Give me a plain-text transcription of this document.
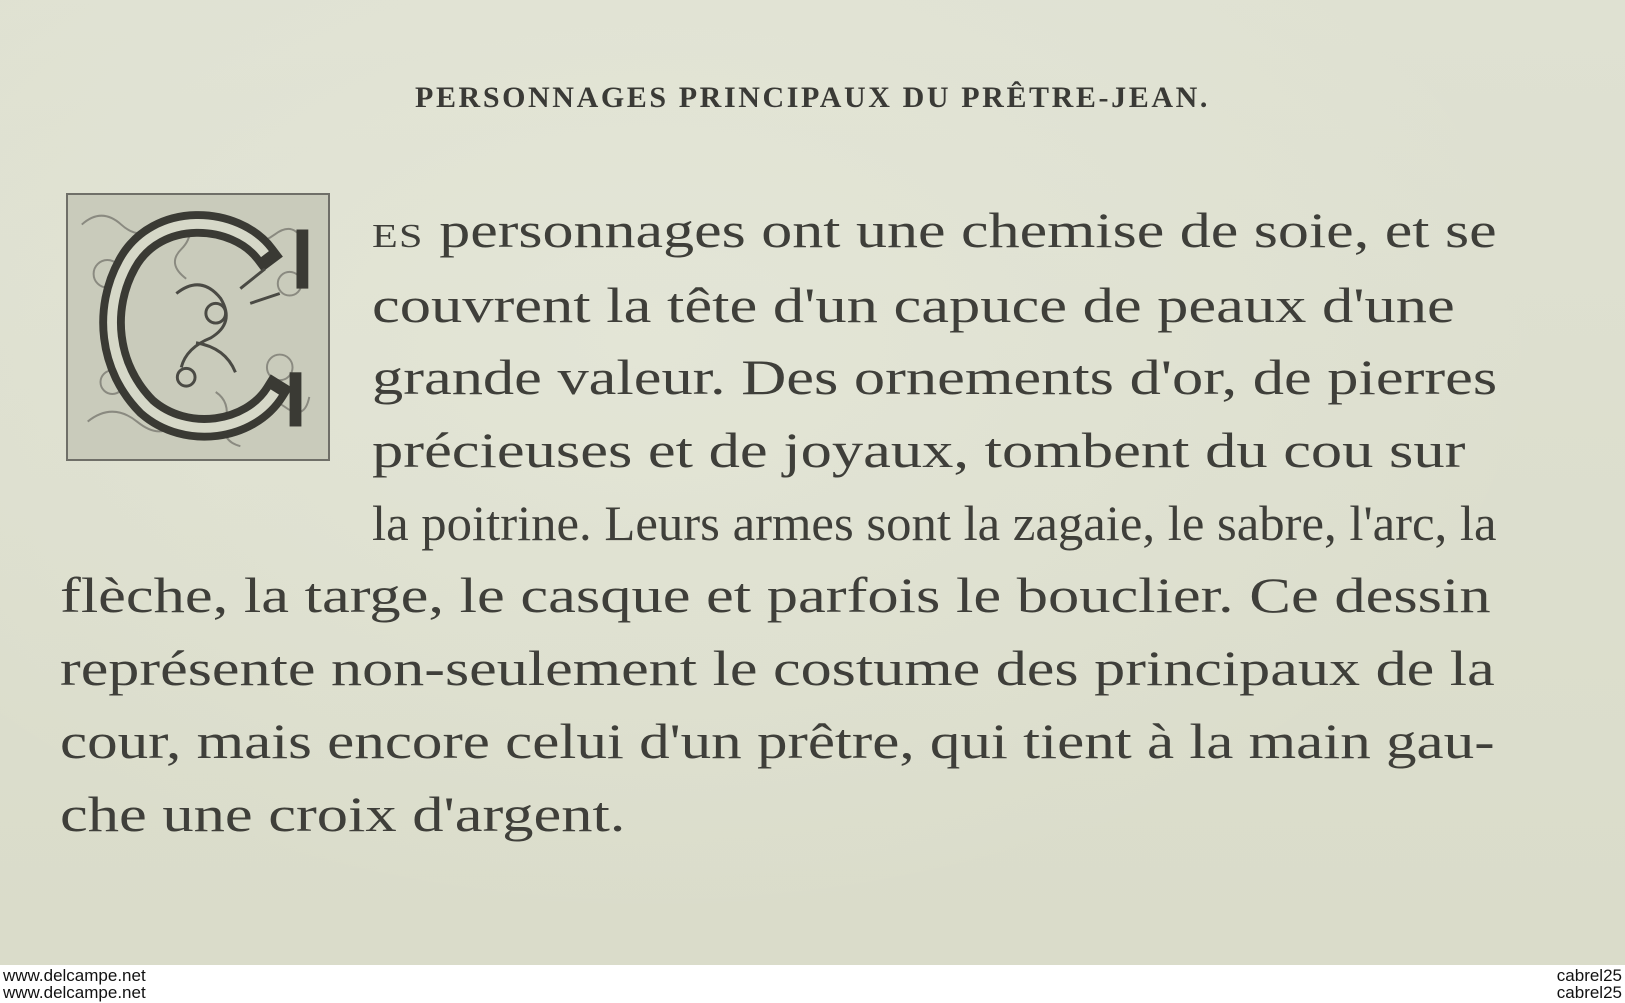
PERSONNAGES PRINCIPAUX DU PRÊTRE-JEAN.
ES personnages ont une chemise de soie, et se
couvrent la tête d'un capuce de peaux d'une
grande valeur. Des ornements d'or, de pierres
précieuses et de joyaux, tombent du cou sur
la poitrine. Leurs armes sont la zagaie, le sabre, l'arc, la
flèche, la targe, le casque et parfois le bouclier. Ce dessin
représente non-seulement le costume des principaux de la
cour, mais encore celui d'un prêtre, qui tient à la main gau-
che une croix d'argent.
www.delcampe.net	cabrel25
www.delcampe.net	cabrel25
